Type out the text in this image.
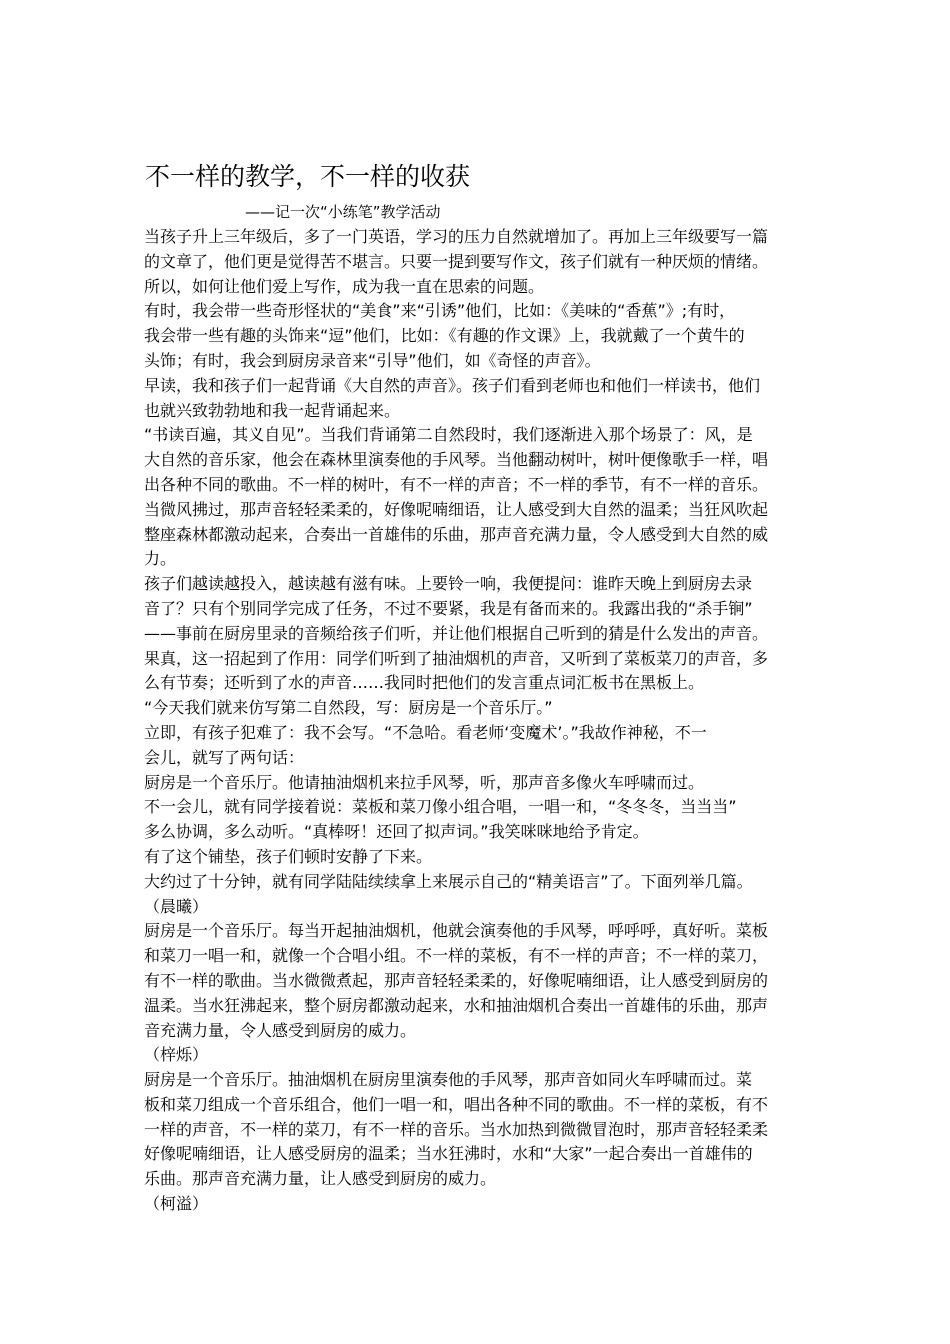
不一样的教学，不一样的收获
——记一次“小练笔”教学活动

当孩子升上三年级后，多了一门英语，学习的压力自然就增加了。再加上三年级要写一篇

的文章了，他们更是觉得苦不堪言。只要一提到要写作文，孩子们就有一种厌烦的情绪。

所以，如何让他们爱上写作，成为我一直在思索的问题。

有时，我会带一些奇形怪状的“美食”来“引诱”他们，比如：《美味的“香蕉”》;有时，

我会带一些有趣的头饰来“逗”他们，比如：《有趣的作文课》上，我就戴了一个黄牛的

头饰；有时，我会到厨房录音来“引导”他们，如《奇怪的声音》。

早读，我和孩子们一起背诵《大自然的声音》。孩子们看到老师也和他们一样读书，他们

也就兴致勃勃地和我一起背诵起来。

“书读百遍，其义自见”。当我们背诵第二自然段时，我们逐渐进入那个场景了：风，是

大自然的音乐家，他会在森林里演奏他的手风琴。当他翻动树叶，树叶便像歌手一样，唱

出各种不同的歌曲。不一样的树叶，有不一样的声音；不一样的季节，有不一样的音乐。

当微风拂过，那声音轻轻柔柔的，好像呢喃细语，让人感受到大自然的温柔；当狂风吹起

整座森林都激动起来，合奏出一首雄伟的乐曲，那声音充满力量，令人感受到大自然的威

力。

孩子们越读越投入，越读越有滋有味。上要铃一响，我便提问：谁昨天晚上到厨房去录

音了？只有个别同学完成了任务，不过不要紧，我是有备而来的。我露出我的“杀手锏”

——事前在厨房里录的音频给孩子们听，并让他们根据自己听到的猜是什么发出的声音。

果真，这一招起到了作用：同学们听到了抽油烟机的声音，又听到了菜板菜刀的声音，多

么有节奏；还听到了水的声音……我同时把他们的发言重点词汇板书在黑板上。

“今天我们就来仿写第二自然段，写：厨房是一个音乐厅。”

立即，有孩子犯难了：我不会写。“不急哈。看老师‘变魔术’。”我故作神秘，不一

会儿，就写了两句话：

厨房是一个音乐厅。他请抽油烟机来拉手风琴，听，那声音多像火车呼啸而过。

不一会儿，就有同学接着说：菜板和菜刀像小组合唱，一唱一和，“冬冬冬，当当当”

多么协调，多么动听。“真棒呀！还回了拟声词。”我笑咪咪地给予肯定。

有了这个铺垫，孩子们顿时安静了下来。

大约过了十分钟，就有同学陆陆续续拿上来展示自己的“精美语言”了。下面列举几篇。

（晨曦）

厨房是一个音乐厅。每当开起抽油烟机，他就会演奏他的手风琴，呼呼呼，真好听。菜板

和菜刀一唱一和，就像一个合唱小组。不一样的菜板，有不一样的声音；不一样的菜刀，

有不一样的歌曲。当水微微煮起，那声音轻轻柔柔的，好像呢喃细语，让人感受到厨房的

温柔。当水狂沸起来，整个厨房都激动起来，水和抽油烟机合奏出一首雄伟的乐曲，那声

音充满力量，令人感受到厨房的威力。

（梓烁）

厨房是一个音乐厅。抽油烟机在厨房里演奏他的手风琴，那声音如同火车呼啸而过。菜

板和菜刀组成一个音乐组合，他们一唱一和，唱出各种不同的歌曲。不一样的菜板，有不

一样的声音，不一样的菜刀，有不一样的音乐。当水加热到微微冒泡时，那声音轻轻柔柔

好像呢喃细语，让人感受厨房的温柔；当水狂沸时，水和“大家”一起合奏出一首雄伟的

乐曲。那声音充满力量，让人感受到厨房的威力。

（柯溢）
